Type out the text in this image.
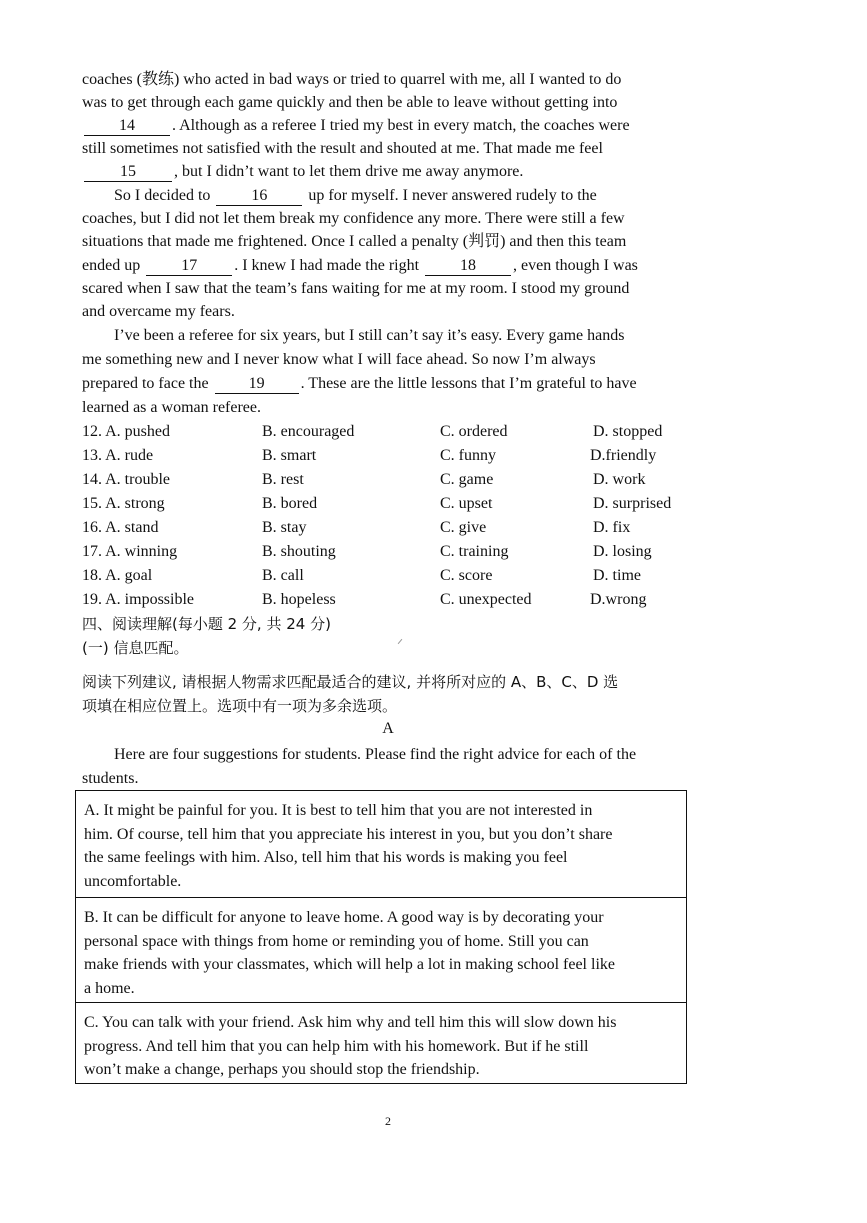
coaches (教练) who acted in bad ways or tried to quarrel with me, all I wanted to do
was to get through each game quickly and then be able to leave without getting into
14 . Although as a referee I tried my best in every match, the coaches were
still sometimes not satisfied with the result and shouted at me. That made me feel
15 , but I didn’t want to let them drive me away anymore.
So I decided to	16	up for myself. I never answered rudely to the
coaches, but I did not let them break my confidence any more. There were still a few
situations that made me frightened. Once I called a penalty (判罚) and then this team
ended up	17 . I knew I had made the right	18 , even though I was
scared when I saw that the team’s fans waiting for me at my room. I stood my ground
and overcame my fears.
I’ve been a referee for six years, but I still can’t say it’s easy. Every game hands
me something new and I never know what I will face ahead. So now I’m always
prepared to face the	19 . These are the little lessons that I’m grateful to have
learned as a woman referee.
12. A. pushed	B. encouraged	C. ordered	D. stopped
13. A. rude	B. smart	C. funny	D.friendly
14. A. trouble	B. rest	C. game	D. work
15. A. strong	B. bored	C. upset	D. surprised
16. A. stand	B. stay	C. give	D. fix
17. A. winning	B. shouting	C. training	D. losing
18. A. goal	B. call	C. score	D. time
19. A. impossible	B. hopeless	C. unexpected	D.wrong
四、阅读理解(每小题 2 分, 共 24 分)
(一) 信息匹配。
阅读下列建议, 请根据人物需求匹配最适合的建议, 并将所对应的 A、B、C、D 选
项填在相应位置上。选项中有一项为多余选项。
A
Here are four suggestions for students. Please find the right advice for each of the
students.
A. It might be painful for you. It is best to tell him that you are not interested in
him. Of course, tell him that you appreciate his interest in you, but you don’t share
the same feelings with him. Also, tell him that his words is making you feel
uncomfortable.
B. It can be difficult for anyone to leave home. A good way is by decorating your
personal space with things from home or reminding you of home. Still you can
make friends with your classmates, which will help a lot in making school feel like
a home.
C. You can talk with your friend. Ask him why and tell him this will slow down his
progress. And tell him that you can help him with his homework. But if he still
won’t make a change, perhaps you should stop the friendship.
2
